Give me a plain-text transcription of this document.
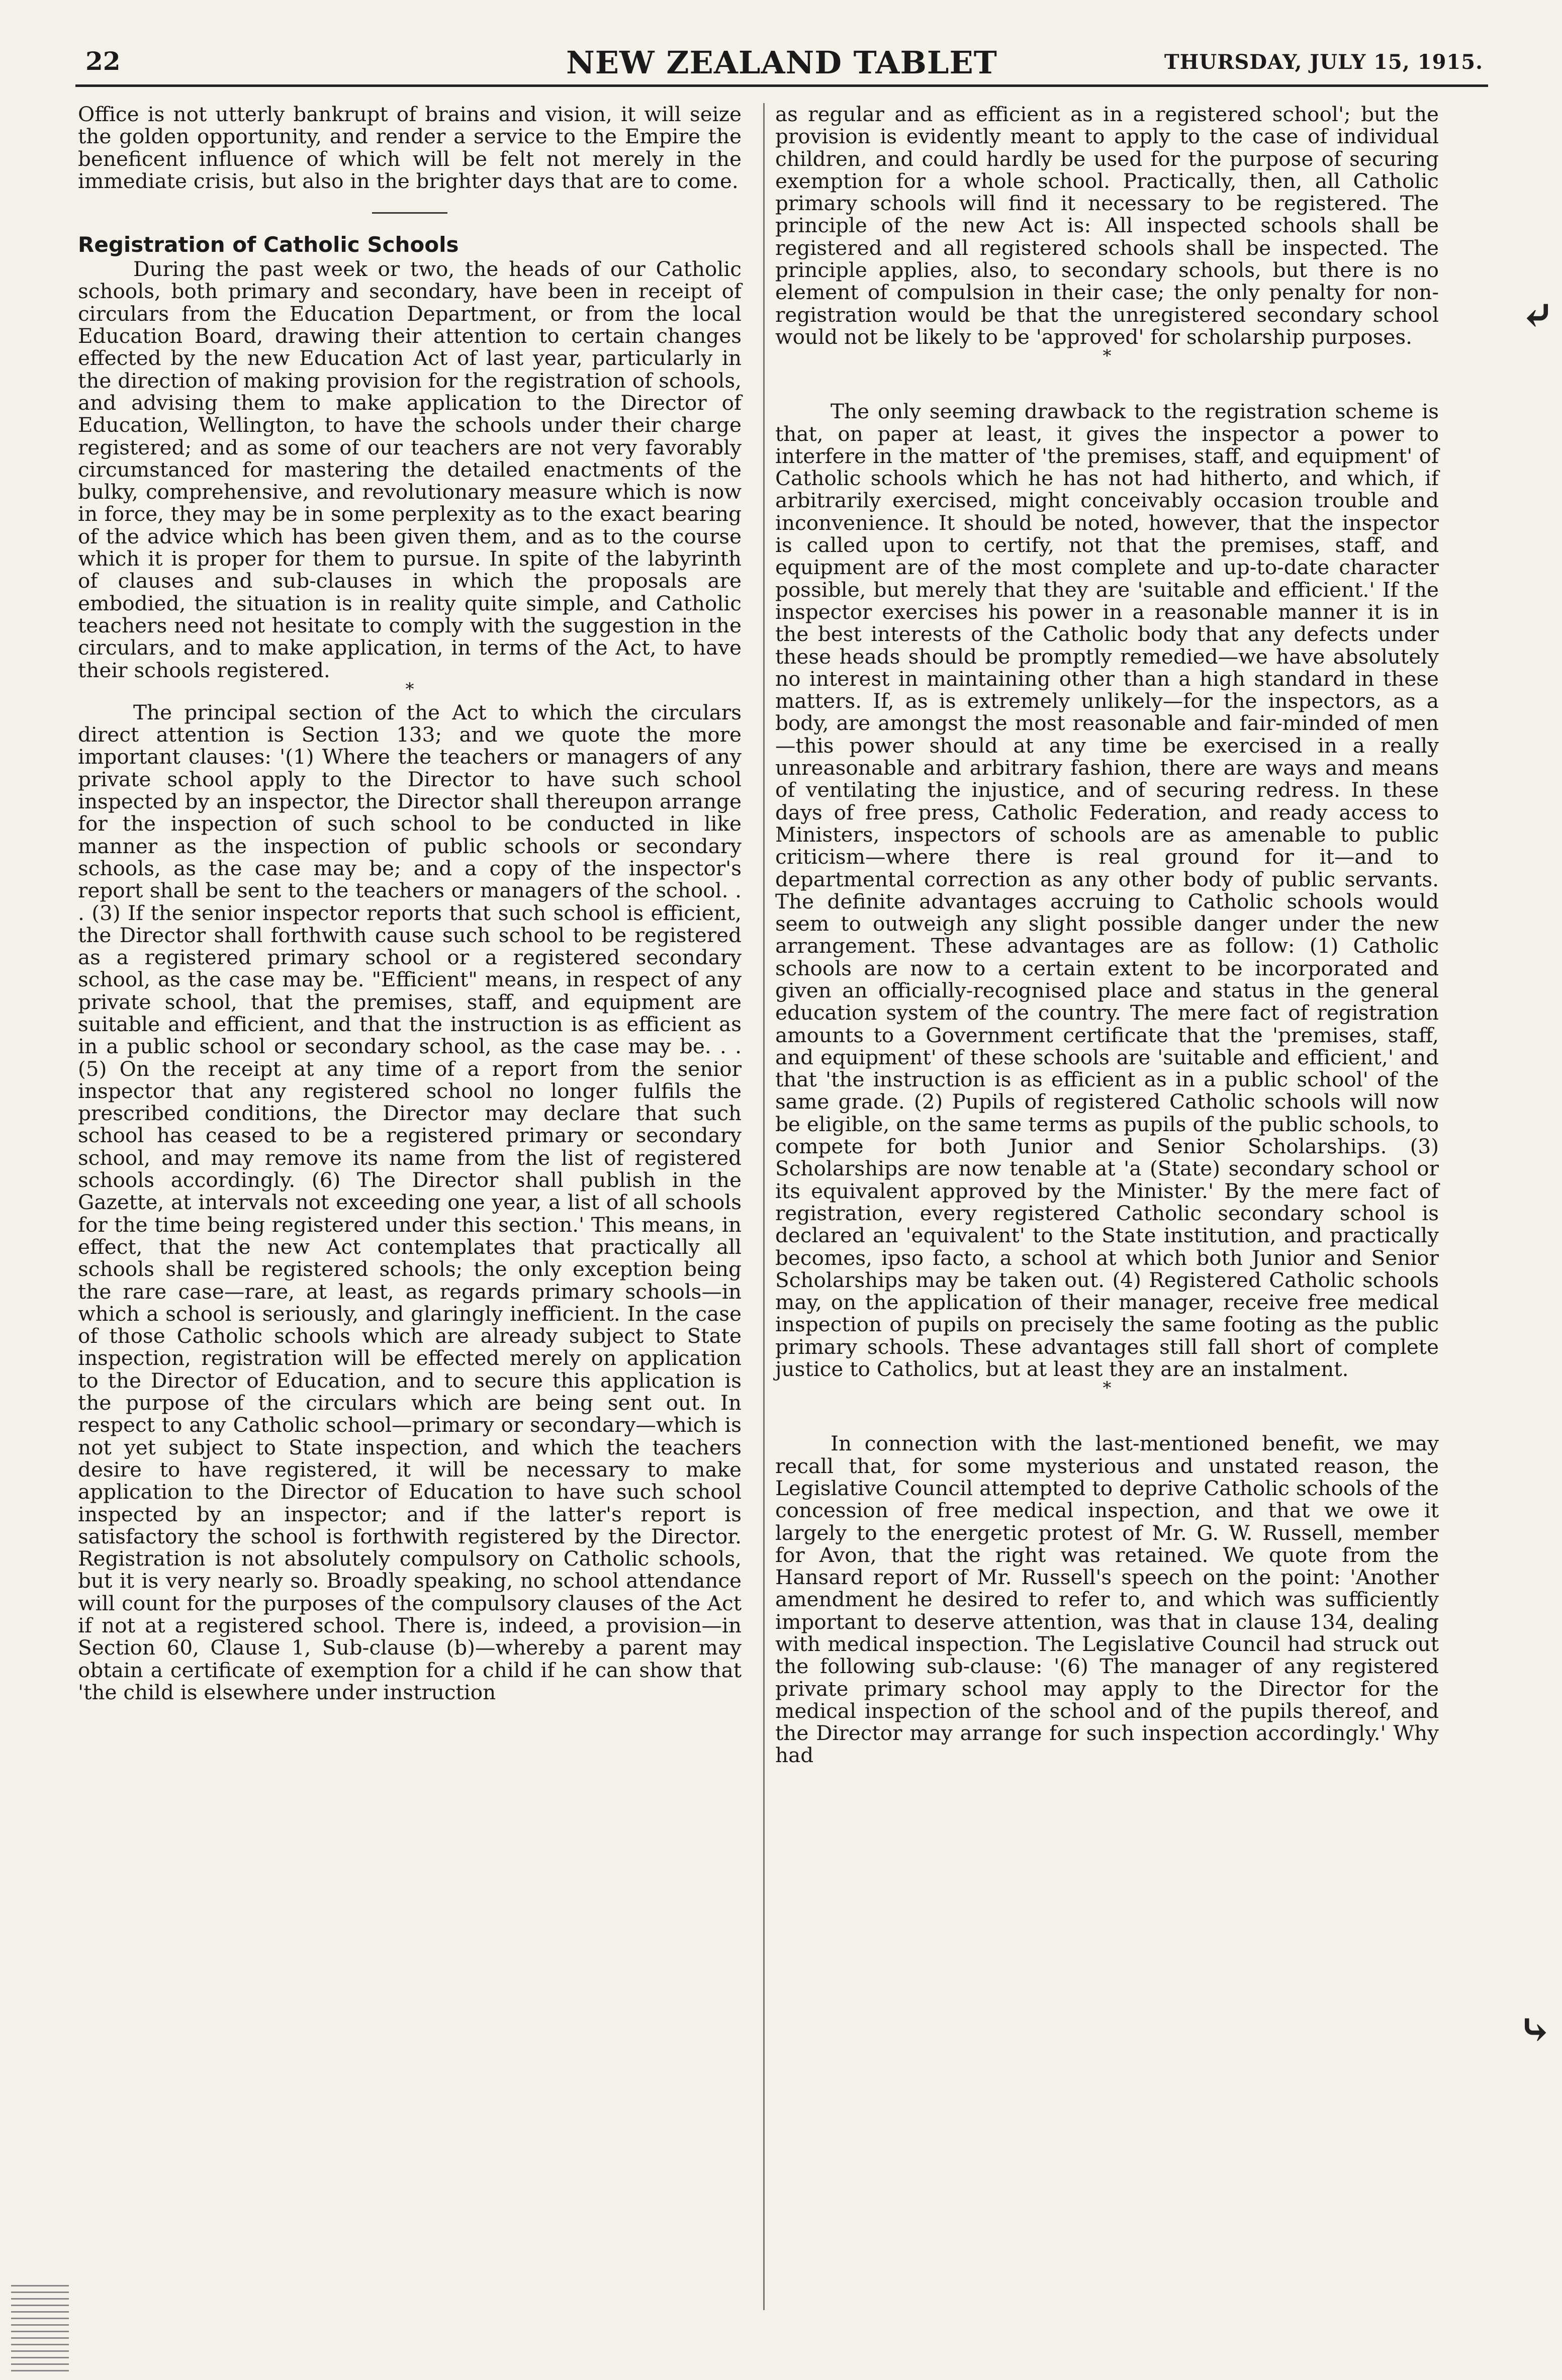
22	NEW ZEALAND TABLET	THURSDAY, JULY 15, 1915.

Office is not utterly bankrupt of brains and vision, it will seize the golden opportunity, and render a service to the Empire the beneficent influence of which will be felt not merely in the immediate crisis, but also in the brighter days that are to come.

Registration of Catholic Schools

During the past week or two, the heads of our Catholic schools, both primary and secondary, have been in receipt of circulars from the Education Department, or from the local Education Board, drawing their attention to certain changes effected by the new Education Act of last year, particularly in the direction of making provision for the registration of schools, and advising them to make application to the Director of Education, Wellington, to have the schools under their charge registered; and as some of our teachers are not very favorably circumstanced for mastering the detailed enactments of the bulky, comprehensive, and revolutionary measure which is now in force, they may be in some perplexity as to the exact bearing of the advice which has been given them, and as to the course which it is proper for them to pursue. In spite of the labyrinth of clauses and sub-clauses in which the proposals are embodied, the situation is in reality quite simple, and Catholic teachers need not hesitate to comply with the suggestion in the circulars, and to make application, in terms of the Act, to have their schools registered.

*

The principal section of the Act to which the circulars direct attention is Section 133; and we quote the more important clauses: '(1) Where the teachers or managers of any private school apply to the Director to have such school inspected by an inspector, the Director shall thereupon arrange for the inspection of such school to be conducted in like manner as the inspection of public schools or secondary schools, as the case may be; and a copy of the inspector's report shall be sent to the teachers or managers of the school. . . (3) If the senior inspector reports that such school is efficient, the Director shall forthwith cause such school to be registered as a registered primary school or a registered secondary school, as the case may be. "Efficient" means, in respect of any private school, that the premises, staff, and equipment are suitable and efficient, and that the instruction is as efficient as in a public school or secondary school, as the case may be. . . (5) On the receipt at any time of a report from the senior inspector that any registered school no longer fulfils the prescribed conditions, the Director may declare that such school has ceased to be a registered primary or secondary school, and may remove its name from the list of registered schools accordingly. (6) The Director shall publish in the Gazette, at intervals not exceeding one year, a list of all schools for the time being registered under this section.' This means, in effect, that the new Act contemplates that practically all schools shall be registered schools; the only exception being the rare case—rare, at least, as regards primary schools—in which a school is seriously, and glaringly inefficient. In the case of those Catholic schools which are already subject to State inspection, registration will be effected merely on application to the Director of Education, and to secure this application is the purpose of the circulars which are being sent out. In respect to any Catholic school—primary or secondary—which is not yet subject to State inspection, and which the teachers desire to have registered, it will be necessary to make application to the Director of Education to have such school inspected by an inspector; and if the latter's report is satisfactory the school is forthwith registered by the Director. Registration is not absolutely compulsory on Catholic schools, but it is very nearly so. Broadly speaking, no school attendance will count for the purposes of the compulsory clauses of the Act if not at a registered school. There is, indeed, a provision—in Section 60, Clause 1, Sub-clause (b)—whereby a parent may obtain a certificate of exemption for a child if he can show that 'the child is elsewhere under instruction

as regular and as efficient as in a registered school'; but the provision is evidently meant to apply to the case of individual children, and could hardly be used for the purpose of securing exemption for a whole school. Practically, then, all Catholic primary schools will find it necessary to be registered. The principle of the new Act is: All inspected schools shall be registered and all registered schools shall be inspected. The principle applies, also, to secondary schools, but there is no element of compulsion in their case; the only penalty for non-registration would be that the unregistered secondary school would not be likely to be 'approved' for scholarship purposes.

*

The only seeming drawback to the registration scheme is that, on paper at least, it gives the inspector a power to interfere in the matter of 'the premises, staff, and equipment' of Catholic schools which he has not had hitherto, and which, if arbitrarily exercised, might conceivably occasion trouble and inconvenience. It should be noted, however, that the inspector is called upon to certify, not that the premises, staff, and equipment are of the most complete and up-to-date character possible, but merely that they are 'suitable and efficient.' If the inspector exercises his power in a reasonable manner it is in the best interests of the Catholic body that any defects under these heads should be promptly remedied—we have absolutely no interest in maintaining other than a high standard in these matters. If, as is extremely unlikely—for the inspectors, as a body, are amongst the most reasonable and fair-minded of men—this power should at any time be exercised in a really unreasonable and arbitrary fashion, there are ways and means of ventilating the injustice, and of securing redress. In these days of free press, Catholic Federation, and ready access to Ministers, inspectors of schools are as amenable to public criticism—where there is real ground for it—and to departmental correction as any other body of public servants. The definite advantages accruing to Catholic schools would seem to outweigh any slight possible danger under the new arrangement. These advantages are as follow: (1) Catholic schools are now to a certain extent to be incorporated and given an officially-recognised place and status in the general education system of the country. The mere fact of registration amounts to a Government certificate that the 'premises, staff, and equipment' of these schools are 'suitable and efficient,' and that 'the instruction is as efficient as in a public school' of the same grade. (2) Pupils of registered Catholic schools will now be eligible, on the same terms as pupils of the public schools, to compete for both Junior and Senior Scholarships. (3) Scholarships are now tenable at 'a (State) secondary school or its equivalent approved by the Minister.' By the mere fact of registration, every registered Catholic secondary school is declared an 'equivalent' to the State institution, and practically becomes, ipso facto, a school at which both Junior and Senior Scholarships may be taken out. (4) Registered Catholic schools may, on the application of their manager, receive free medical inspection of pupils on precisely the same footing as the public primary schools. These advantages still fall short of complete justice to Catholics, but at least they are an instalment.

*

In connection with the last-mentioned benefit, we may recall that, for some mysterious and unstated reason, the Legislative Council attempted to deprive Catholic schools of the concession of free medical inspection, and that we owe it largely to the energetic protest of Mr. G. W. Russell, member for Avon, that the right was retained. We quote from the Hansard report of Mr. Russell's speech on the point: 'Another amendment he desired to refer to, and which was sufficiently important to deserve attention, was that in clause 134, dealing with medical inspection. The Legislative Council had struck out the following sub-clause: '(6) The manager of any registered private primary school may apply to the Director for the medical inspection of the school and of the pupils thereof, and the Director may arrange for such inspection accordingly.' Why had

⤶
⤷
